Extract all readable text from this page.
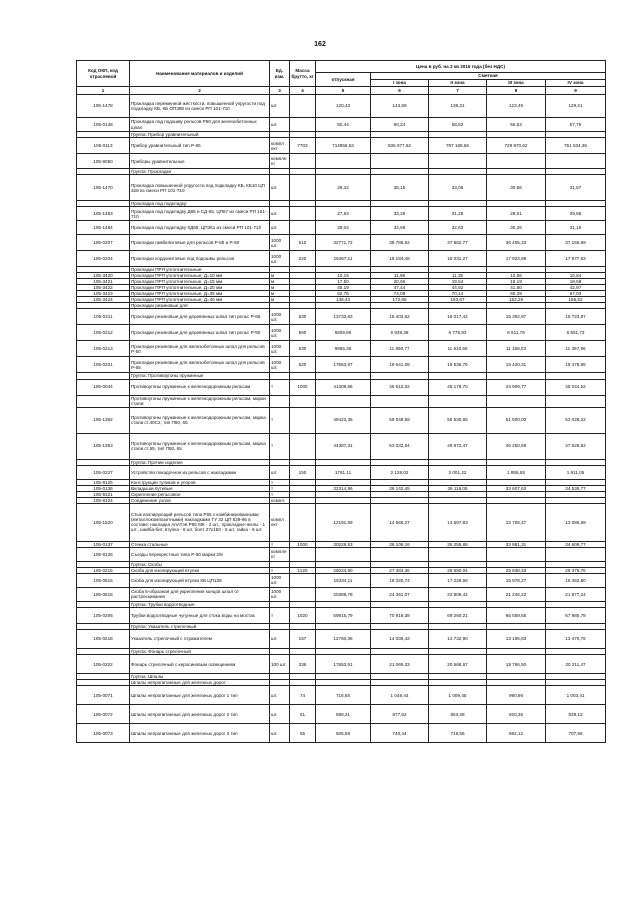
162
Код ОКП, код отраслевой	Наименование материалов и изделий	Ед. изм.	Масса брутто, кг	Цена в руб. на 3 кв 2016 года (без НДС)				
				отпускная	Сметная			
					I зона	II зона	III зона	IV зона
1	2	3	4	5	6	7	8	9
105-1478	Прокладка переменной жесткости, повышенной упругости под подкладку КБ, КБ ОП398 из смеси РП 101-710	шт.		120,43	143,89	136,31	123,49	129,21
105-0148	Прокладка под подошву рельсов Р50 для железобетонных шпал	шт.		50,44	60,24	58,82	56,53	57,75
	Группа: Прибор уравнительный							
105-0113	Прибор уравнительный тип Р-65	компл ект	7703	714956,53	836 677,62	787 168,66	729 970,62	751 534,36
105-9050	Приборы уравнительные	компле кт						
	Группа: Прокладки							
105-1470	Прокладка повышенной упругости под подкладку КБ, КБ10 ЦП 328 из смеси РП 101-710	шт.		29,42	35,15	33,06	30,66	31,57
	Прокладка под подкладку:							
105-1483	Прокладка под подкладку Д65 и СД-65, ЦП67 из смеси РП 101-710	шт.		27,84	33,26	31,28	29,01	29,88
105-1484	Прокладка под подкладку КД65, ЦП361 из смеси РП 101-710	шт.		29,04	34,69	32,63	30,26	31,16
105-0207	Прокладки гамбелитовые для рельсов Р-65 и Р-50	1000 шт.	510	32771,72	38 786,62	37 862,77	36 405,33	37 166,69
105-0204	Прокладки кордонитовые под подошвы рельсов	1000 шт.	220	16467,11	18 184,48	18 031,27	17 923,99	17 977,63
	Прокладки ПРП уплотнительные:							
105-3420	Прокладки ПРП уплотнительные, Д=10 мм	м		10,15	11,98	11,35	10,56	10,84
105-3421	Прокладки ПРП уплотнительные, Д=15 мм	м		17,50	20,65	19,54	18,19	18,68
105-3422	Прокладки ПРП уплотнительные, Д=20 мм	м		40,19	47,44	44,92	41,80	42,97
105-3423	Прокладки ПРП уплотнительные, Д=35 мм	м		62,76	74,08	70,14	65,29	67,03
105-3424	Прокладки ПРП уплотнительные, Д=40 мм	м		146,43	172,85	163,67	152,29	156,52
	Прокладки резиновые для:							
105-0211	Прокладки резиновые для деревянных шпал тип рельс Р-65	1000 шт.	630	13733,63	16 403,62	16 017,42	15 392,97	15 723,97
105-0212	Прокладки резиновые для деревянных шпал тип рельс Р-50	1000 шт.	560	5809,89	6 939,39	6 775,93	6 511,76	6 651,73
105-0213	Прокладки резиновые для железобетонных шпал для рельсов Р-50	1000 шт.	530	9955,36	11 890,77	11 610,66	11 158,03	11 397,96
105-0201	Прокладки резиновые для железобетонных шпал для рельсов Р-65	1000 шт.	620	17653,87	19 641,08	19 536,76	19 420,31	19 478,65
	Группа: Противоугоны пружинные							
105-0044	Противоугоны пружинные к железнодорожным рельсам	т	1000	41309,66	45 612,32	45 178,70	44 909,77	45 044,52
	Противоугоны пружинные к железнодорожным рельсам, марки стали:							
105-1362	Противоугоны пружинные к железнодорожным рельсам, марка стали ст.40С2, тип П50, 65	т		49423,35	59 048,59	55 530,65	51 500,00	53 028,22
105-1363	Противоугоны пружинные к железнодорожным рельсам, марка стали ст.55, тип П50, 65	т		44387,31	53 032,64	49 872,47	46 250,69	47 625,52
	Группа: Прочие изделия							
105-0227	Устройство покадочное из рельсов с накладками	шт.	150	1761,11	2 128,02	2 001,22	1 855,93	1 911,05
105-9125	Конструкции тупиков и упоров	т						
105-0136	Вкладыши путевые	т		32314,86	36 142,45	36 118,05	33 607,63	34 538,77
105-9121	Скрепление рельсовое	т						
105-9124	Соединение узлов	компл.						
105-1520	Стык изолирующий рельсов типа Р65 с комбинированными (металлокомпозитными) накладками ТУ 32 ЦП 829-96 в составе: накладка АпАТэК Р65 МК - 2 шт., прокладки-чехлы - 1 шт., шайба-бит, втулка - 6 шт. болт 27х150 - 6 шт. гайка - 6 шт.	компл ект		12191,69	14 566,27	13 697,83	12 706,47	13 086,69
105-0137	Стенка стальные	т	1000	30229,53	36 106,16	35 255,88	33 881,31	34 609,77
105-9126	Съезды перекрестные типа Р-50 марки 2/9	компле кт						
	Группа: Скобы							
105-0215	Скоба для изолирующей втулки	т	1120	25024,90	27 484,36	28 690,04	25 838,33	26 375,76
105-0515	Скоба для изолирующей втулки КБ ЦП138	1000 шт.		15334,11	18 320,74	17 229,56	15 978,27	16 452,80
105-0516	Скоба 5-образная для укрепления концов шпал от растрескивания	1000 шт.		20389,78	24 361,07	22 909,44	21 246,22	21 877,24
	Группа: Трубки водоотводные							
105-0206	Трубки водоотводные чугунные для стока воды на мостах	т	1020	59915,79	70 916,38	69 260,21	66 559,65	67 985,78
	Группа: Указатель стрелочный							
105-0218	Указатель стрелочный с отражателем	шт.	157	12760,36	14 036,42	13 732,90	13 195,63	13 470,76
	Группа: Фонарь стрелочный							
105-0222	Фонарь стрелочный с керосиновым освещением	100 шт.	336	17653,51	21 065,33	20 568,67	19 766,50	20 211,47
	Группа: Шпалы							
	Шпалы непропитанные для железных дорог:							
105-0071	Шпалы непропитанные для железных дорог 1 тип	шт.	74	716,65	1 049,44	1 009,45	990,96	1 003,41
105-0072	Шпалы непропитанные для железных дорог 2 тип	шт.	61	598,31	877,62	853,38	820,36	839,13
105-0073	Шпалы непропитанные для железных дорог 3 тип	шт.	55	505,59	740,44	719,56	692,12	707,96
